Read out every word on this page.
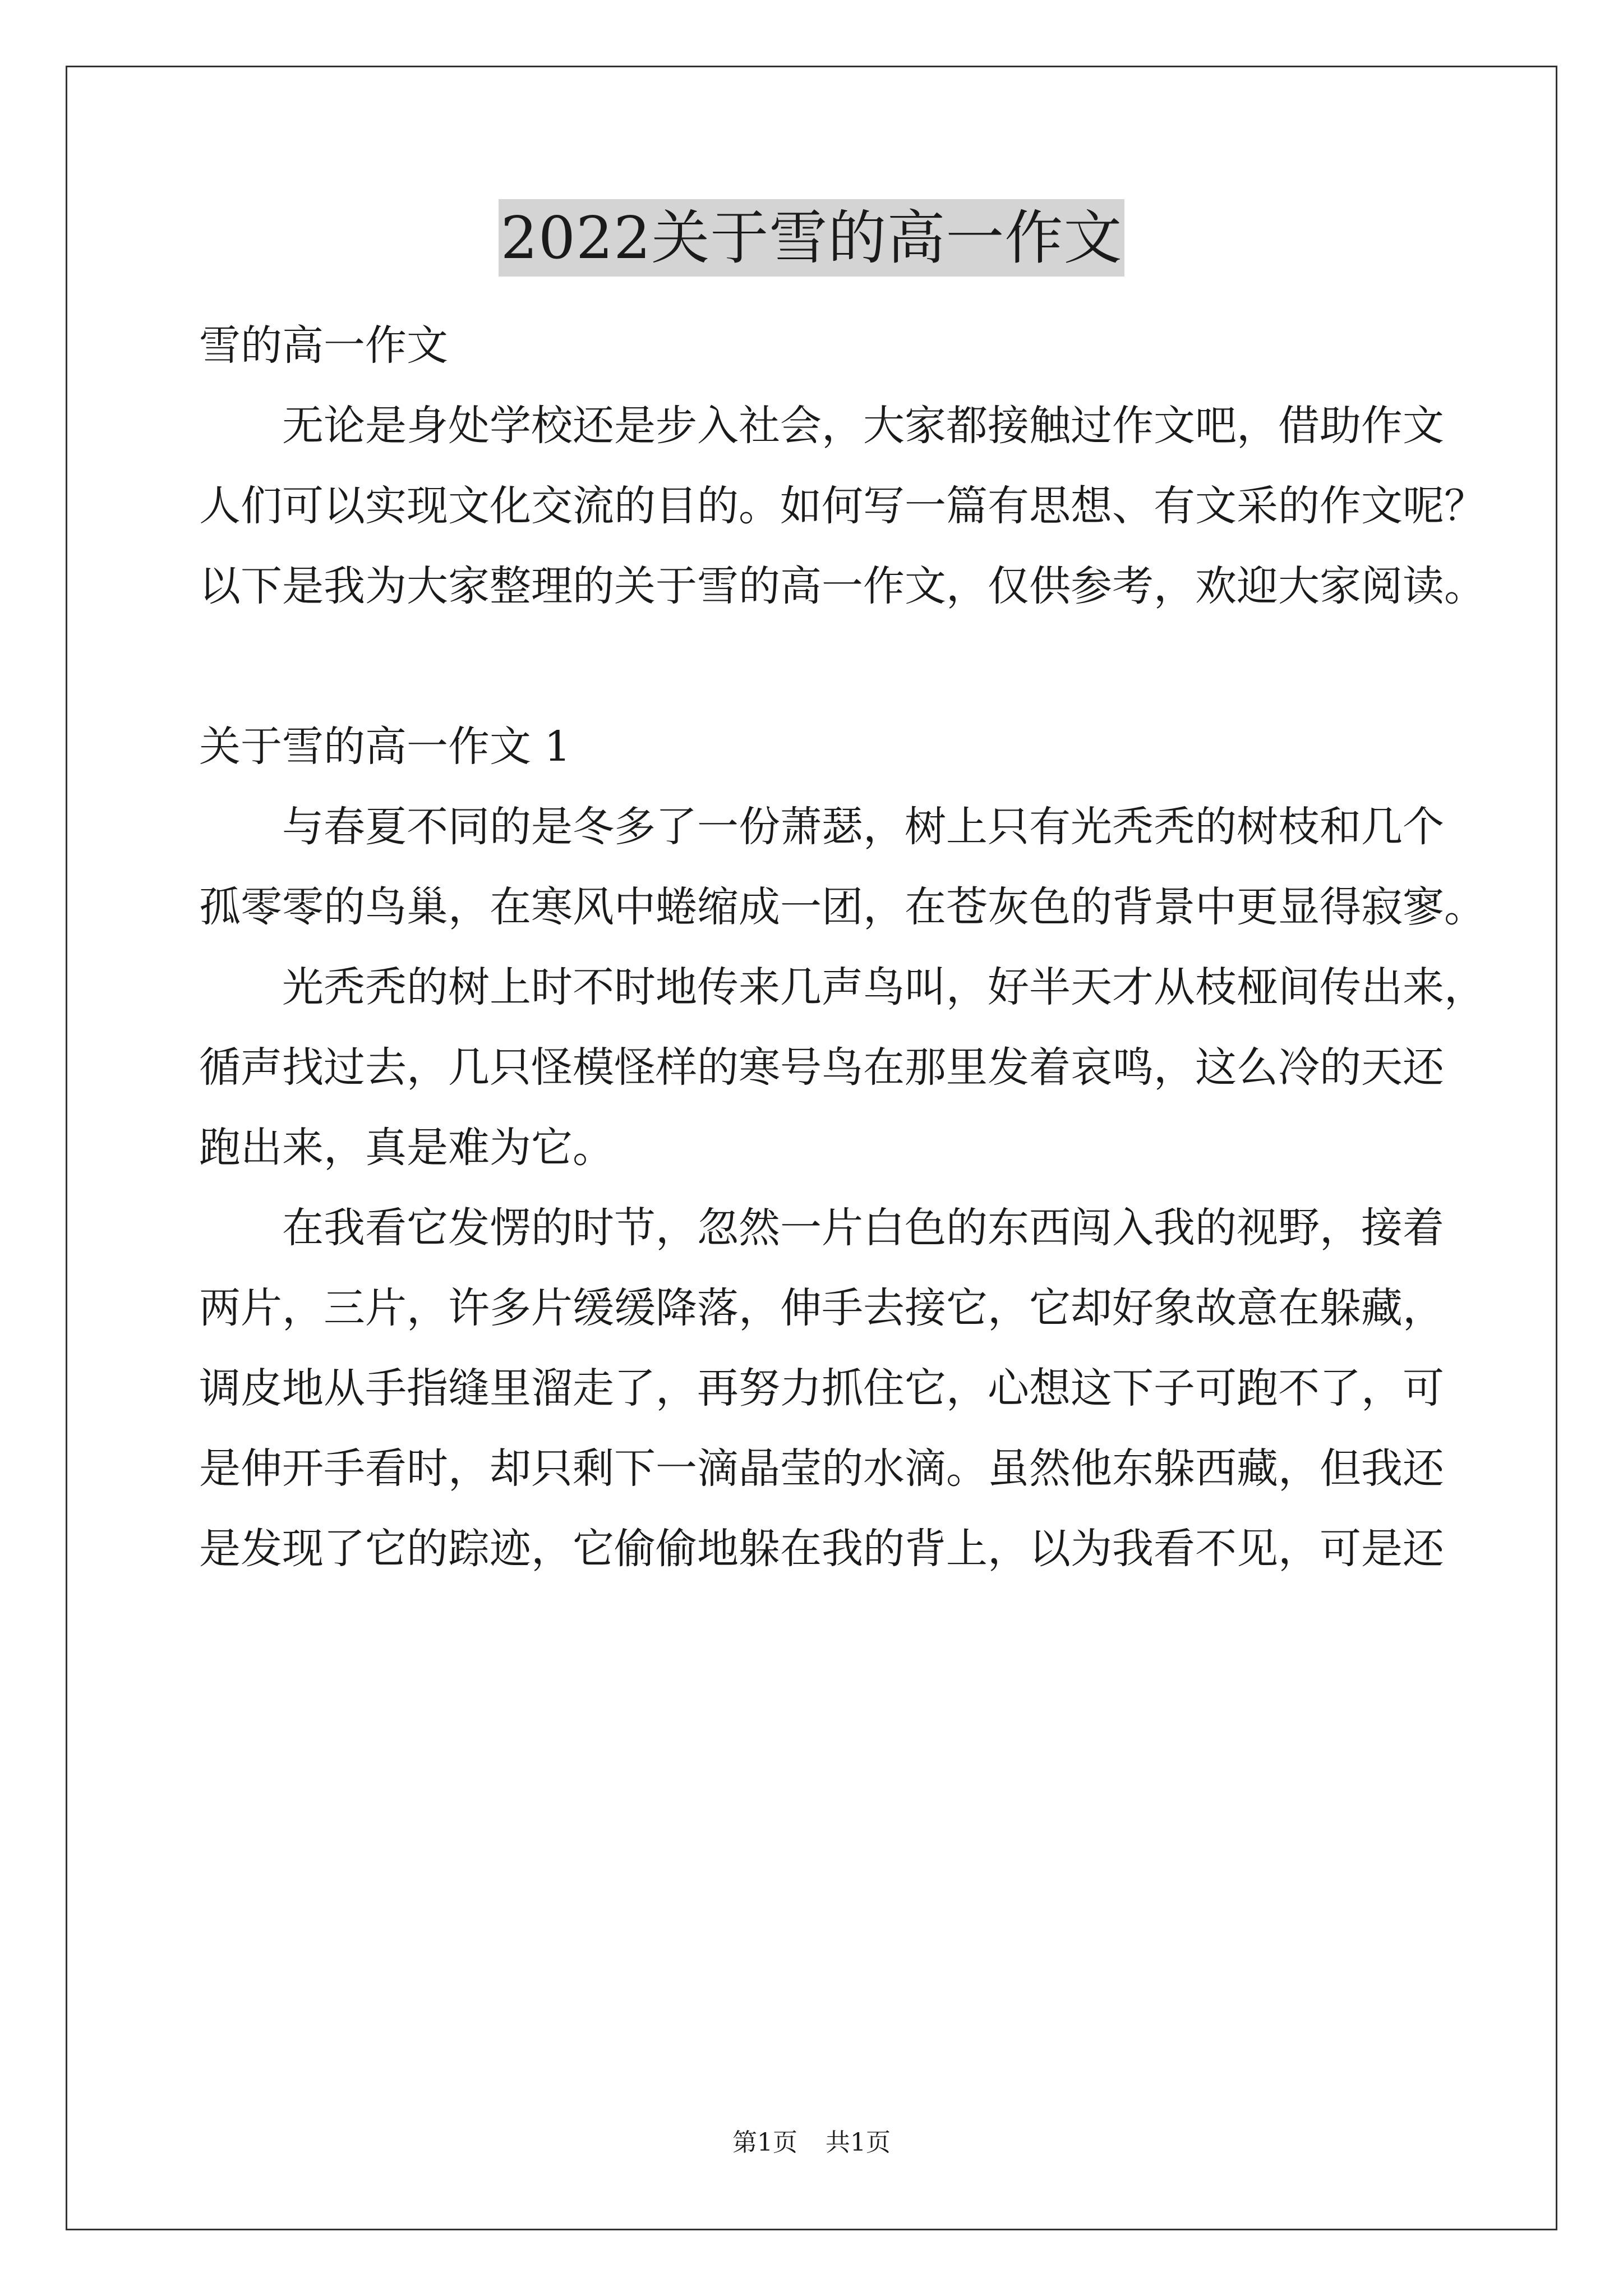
2022关于雪的高一作文
雪的高一作文
无论是身处学校还是步入社会，大家都接触过作文吧，借助作文
人们可以实现文化交流的目的。如何写一篇有思想、有文采的作文呢？
以下是我为大家整理的关于雪的高一作文，仅供参考，欢迎大家阅读。
关于雪的高一作文 1
与春夏不同的是冬多了一份萧瑟，树上只有光秃秃的树枝和几个
孤零零的鸟巢，在寒风中蜷缩成一团，在苍灰色的背景中更显得寂寥。
光秃秃的树上时不时地传来几声鸟叫，好半天才从枝桠间传出来，
循声找过去，几只怪模怪样的寒号鸟在那里发着哀鸣，这么冷的天还
跑出来，真是难为它。
在我看它发愣的时节，忽然一片白色的东西闯入我的视野，接着
两片，三片，许多片缓缓降落，伸手去接它，它却好象故意在躲藏，
调皮地从手指缝里溜走了，再努力抓住它，心想这下子可跑不了，可
是伸开手看时，却只剩下一滴晶莹的水滴。虽然他东躲西藏，但我还
是发现了它的踪迹，它偷偷地躲在我的背上，以为我看不见，可是还
第1页 共1页
